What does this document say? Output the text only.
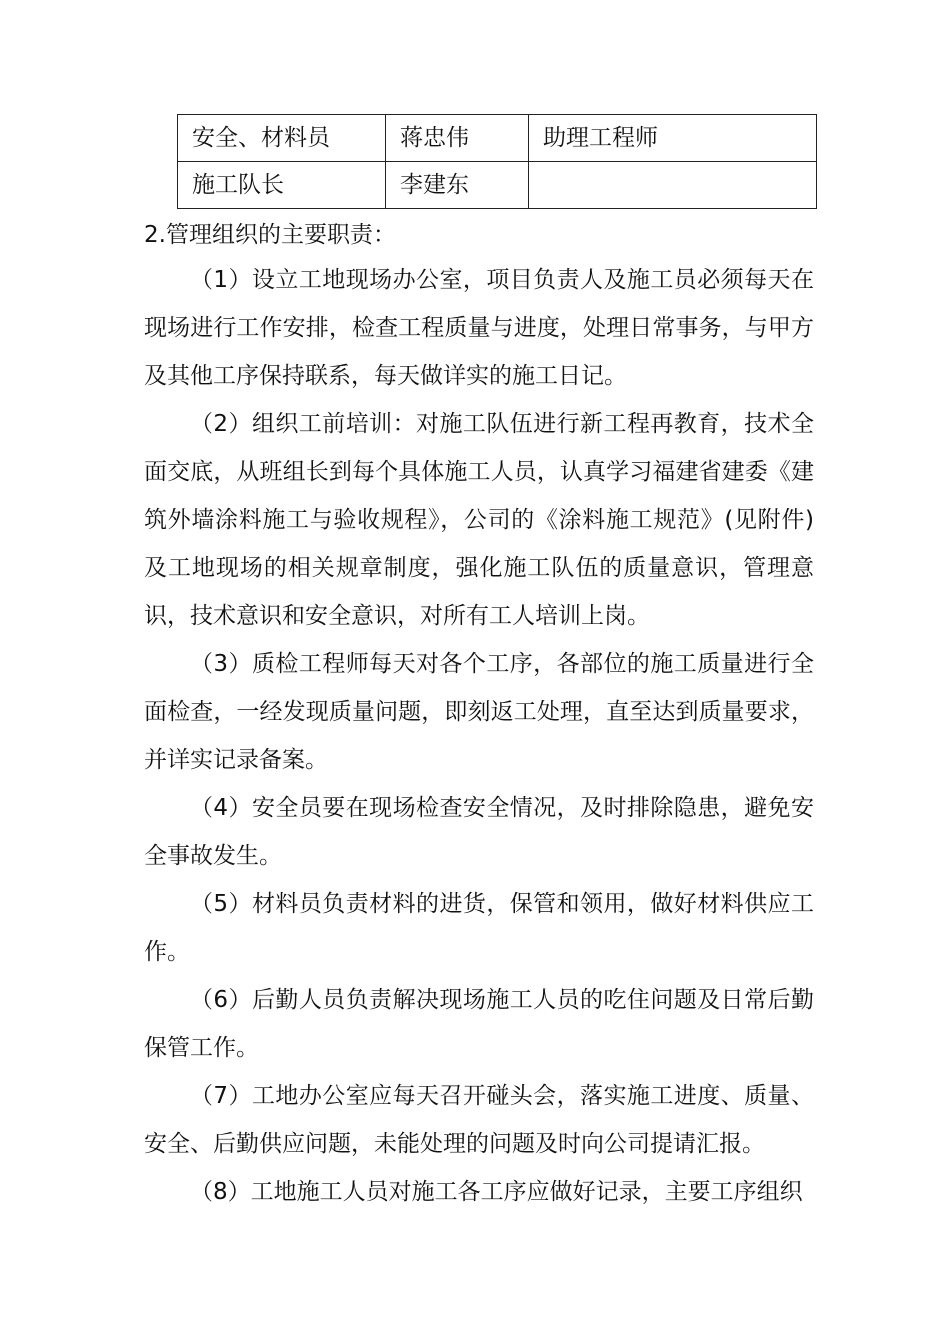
安全、材料员	蒋忠伟	助理工程师
施工队长	李建东	

2.管理组织的主要职责：

（1）设立工地现场办公室，项目负责人及施工员必须每天在现场进行工作安排，检查工程质量与进度，处理日常事务，与甲方及其他工序保持联系，每天做详实的施工日记。

（2）组织工前培训：对施工队伍进行新工程再教育，技术全面交底，从班组长到每个具体施工人员，认真学习福建省建委《建筑外墙涂料施工与验收规程》，公司的《涂料施工规范》(见附件)及工地现场的相关规章制度，强化施工队伍的质量意识，管理意识，技术意识和安全意识，对所有工人培训上岗。

（3）质检工程师每天对各个工序，各部位的施工质量进行全面检查，一经发现质量问题，即刻返工处理，直至达到质量要求，并详实记录备案。

（4）安全员要在现场检查安全情况，及时排除隐患，避免安全事故发生。

（5）材料员负责材料的进货，保管和领用，做好材料供应工作。

（6）后勤人员负责解决现场施工人员的吃住问题及日常后勤保管工作。

（7）工地办公室应每天召开碰头会，落实施工进度、质量、安全、后勤供应问题，未能处理的问题及时向公司提请汇报。

（8）工地施工人员对施工各工序应做好记录，主要工序组织
